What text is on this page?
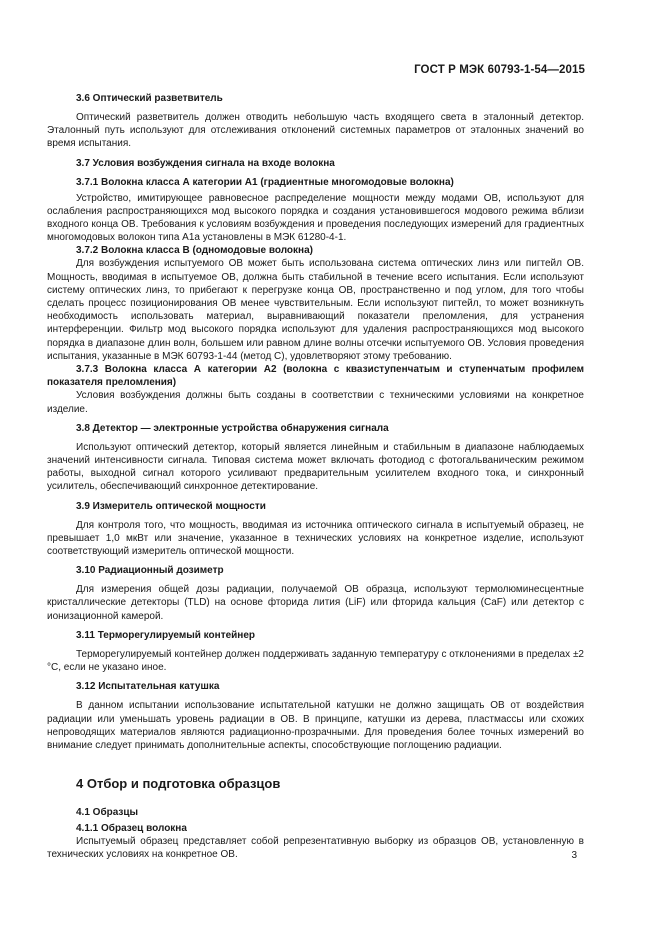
ГОСТ Р МЭК 60793-1-54—2015
3.6 Оптический разветвитель

Оптический разветвитель должен отводить небольшую часть входящего света в эталонный детектор. Эталонный путь используют для отслеживания отклонений системных параметров от эталонных значений во время испытания.

3.7 Условия возбуждения сигнала на входе волокна
3.7.1 Волокна класса А категории А1 (градиентные многомодовые волокна)

Устройство, имитирующее равновесное распределение мощности между модами ОВ, используют для ослабления распространяющихся мод высокого порядка и создания установившегося модового режима вблизи входного конца ОВ. Требования к условиям возбуждения и проведения последующих измерений для градиентных многомодовых волокон типа А1а установлены в МЭК 61280-4-1.

3.7.2 Волокна класса В (одномодовые волокна)

Для возбуждения испытуемого ОВ может быть использована система оптических линз или пигтейл ОВ. Мощность, вводимая в испытуемое ОВ, должна быть стабильной в течение всего испытания. Если используют систему оптических линз, то прибегают к перегрузке конца ОВ, пространственно и под углом, для того чтобы сделать процесс позиционирования ОВ менее чувствительным. Если используют пигтейл, то может возникнуть необходимость использовать материал, выравнивающий показатели преломления, для устранения интерференции. Фильтр мод высокого порядка используют для удаления распространяющихся мод высокого порядка в диапазоне длин волн, большем или равном длине волны отсечки испытуемого ОВ. Условия проведения испытания, указанные в МЭК 60793-1-44 (метод С), удовлетворяют этому требованию.

3.7.3 Волокна класса А категории А2 (волокна с квазиступенчатым и ступенчатым профилем показателя преломления)

Условия возбуждения должны быть созданы в соответствии с техническими условиями на конкретное изделие.

3.8 Детектор — электронные устройства обнаружения сигнала

Используют оптический детектор, который является линейным и стабильным в диапазоне наблюдаемых значений интенсивности сигнала. Типовая система может включать фотодиод с фотогальваническим режимом работы, выходной сигнал которого усиливают предварительным усилителем входного тока, и синхронный усилитель, обеспечивающий синхронное детектирование.

3.9 Измеритель оптической мощности

Для контроля того, что мощность, вводимая из источника оптического сигнала в испытуемый образец, не превышает 1,0 мкВт или значение, указанное в технических условиях на конкретное изделие, используют соответствующий измеритель оптической мощности.

3.10 Радиационный дозиметр

Для измерения общей дозы радиации, получаемой ОВ образца, используют термолюминесцентные кристаллические детекторы (TLD) на основе фторида лития (LiF) или фторида кальция (CaF) или детектор с ионизационной камерой.

3.11 Терморегулируемый контейнер

Терморегулируемый контейнер должен поддерживать заданную температуру с отклонениями в пределах ±2 °С, если не указано иное.

3.12 Испытательная катушка

В данном испытании использование испытательной катушки не должно защищать ОВ от воздействия радиации или уменьшать уровень радиации в ОВ. В принципе, катушки из дерева, пластмассы или схожих непроводящих материалов являются радиационно-прозрачными. Для проведения более точных измерений во внимание следует принимать дополнительные аспекты, способствующие поглощению радиации.

4 Отбор и подготовка образцов
4.1 Образцы
4.1.1 Образец волокна

Испытуемый образец представляет собой репрезентативную выборку из образцов ОВ, установленную в технических условиях на конкретное ОВ.	3
